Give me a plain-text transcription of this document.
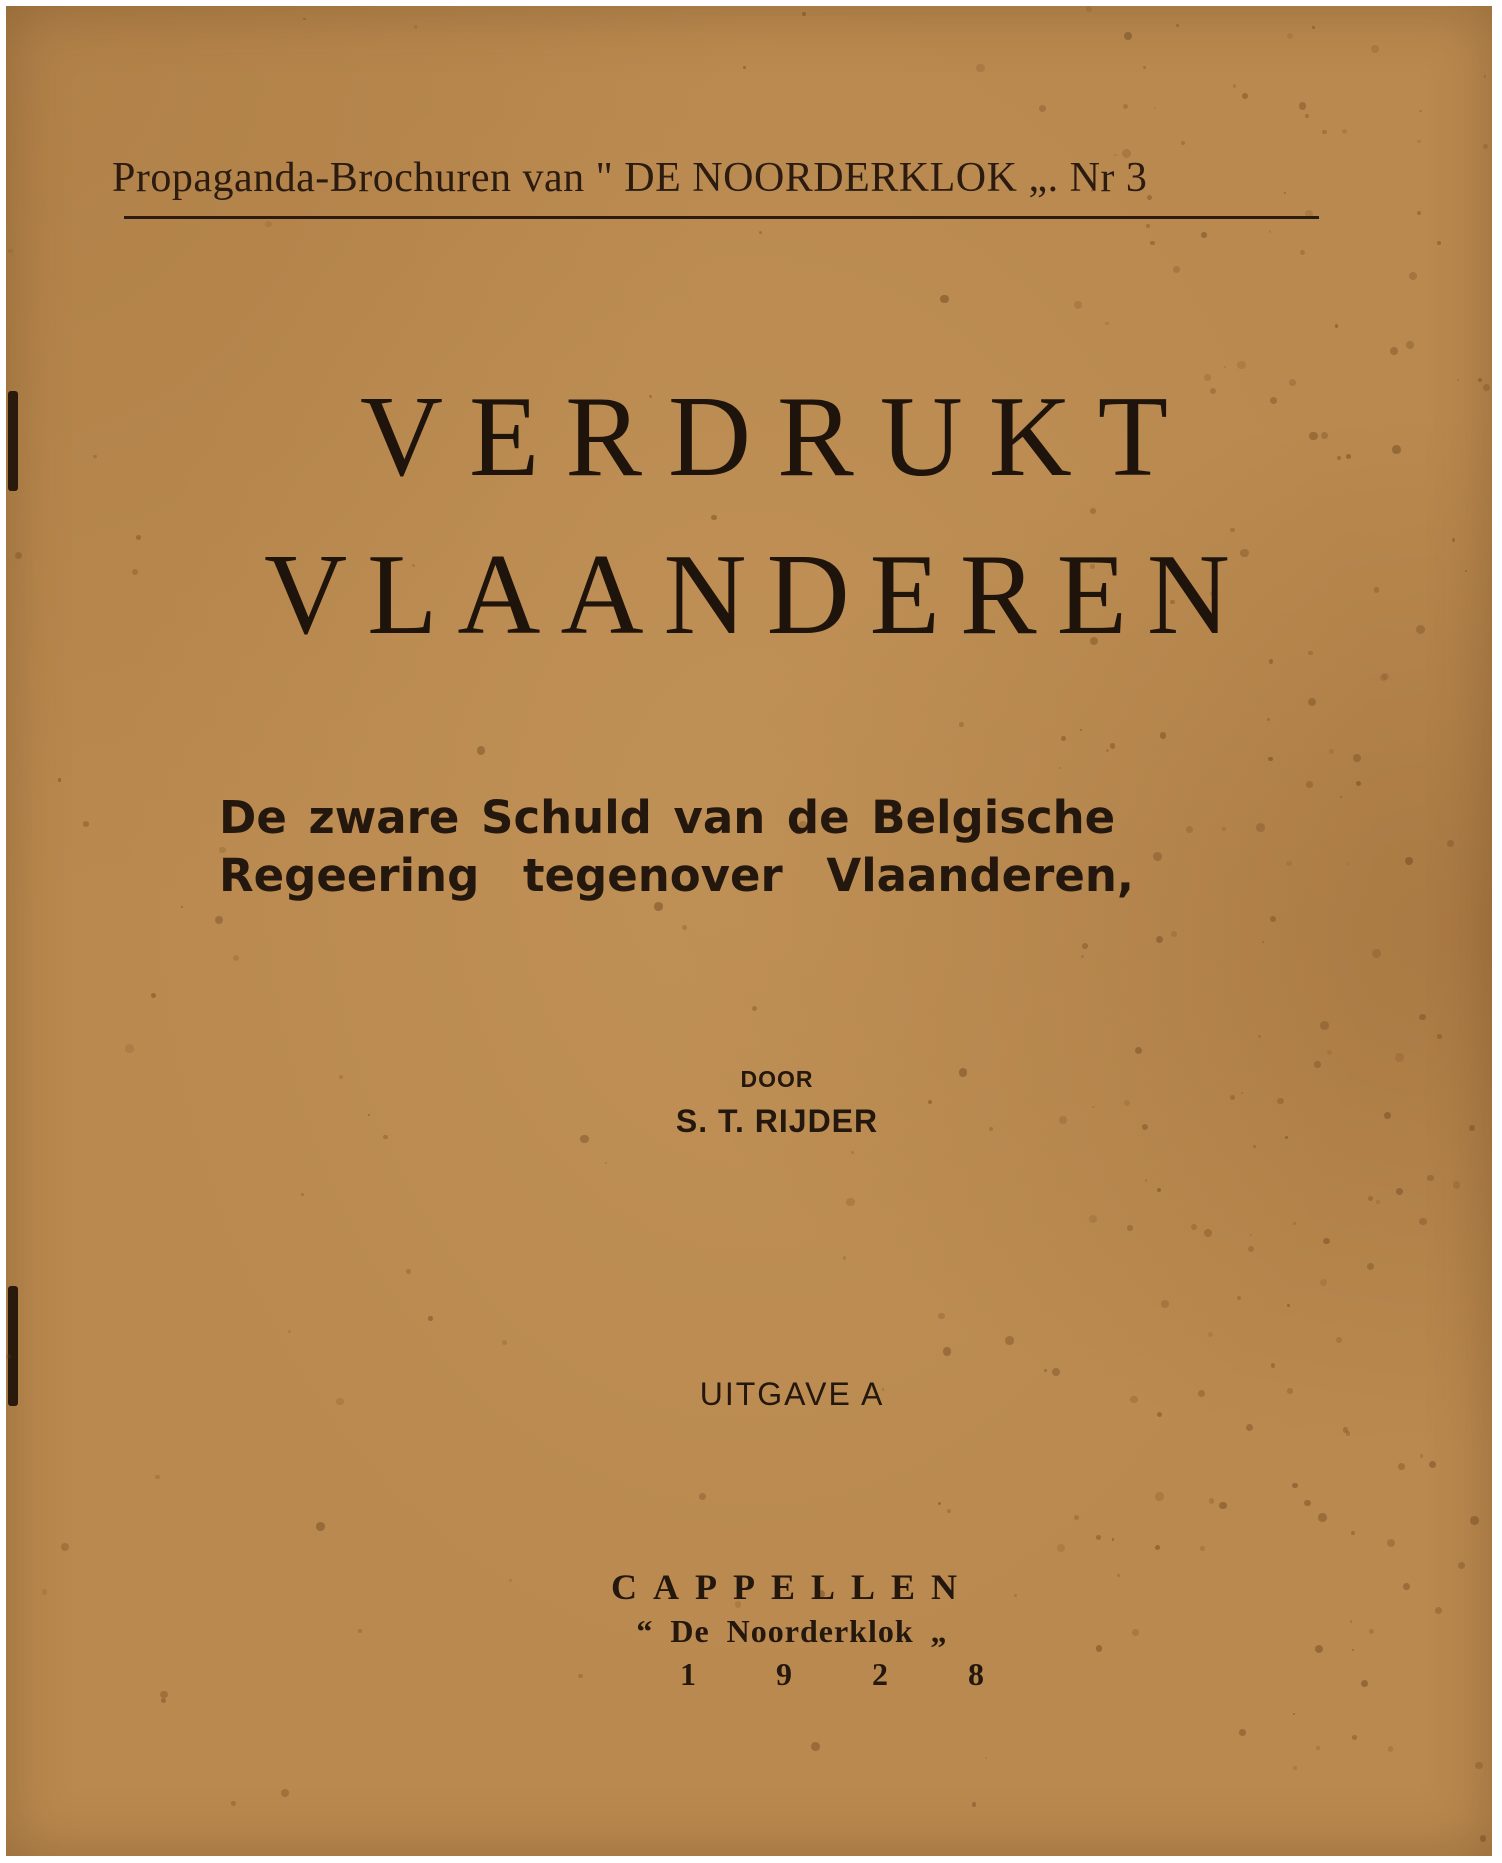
Propaganda-Brochuren van " DE NOORDERKLOK „. Nr 3
VERDRUKT
VLAANDEREN
De zware Schuld van de Belgische
Regeering tegenover Vlaanderen,
DOOR
S. T. RIJDER
UITGAVE A
CAPPELLEN
“ De Noorderklok „
1928
